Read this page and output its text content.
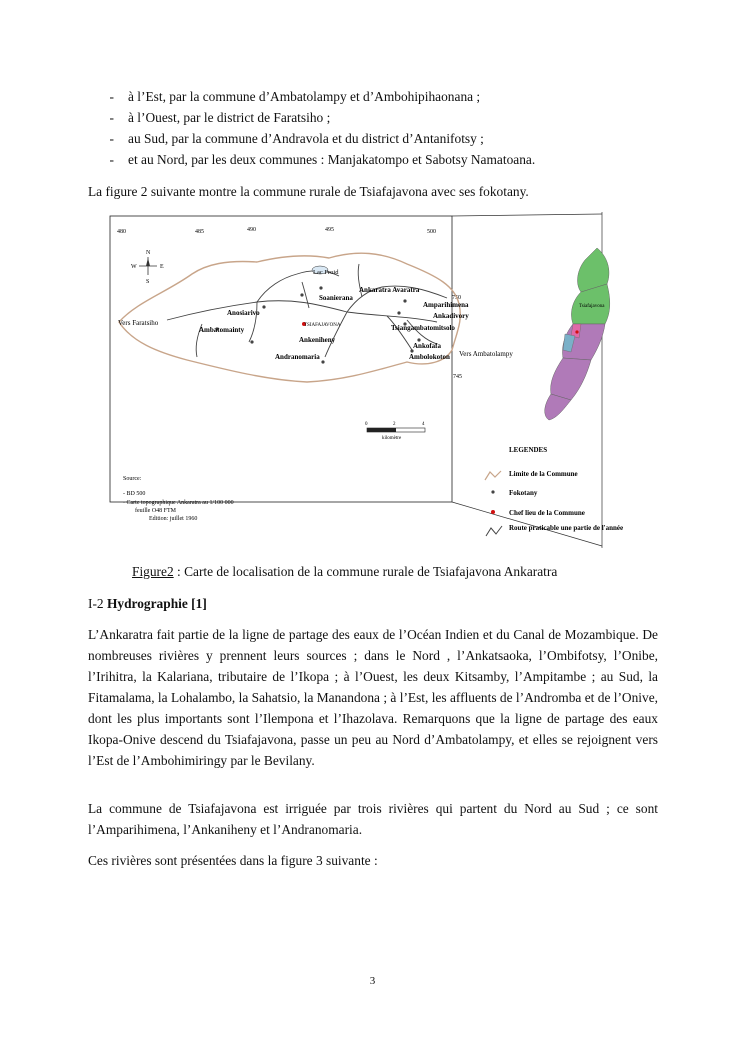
- à l’Est, par la commune d’Ambatolampy et d’Ambohipihaonana ;
- à l’Ouest, par le district de Faratsiho ;
- au Sud, par la commune d’Andravola et du district d’Antanifotsy ;
- et au Nord, par les deux communes : Manjakatompo et Sabotsy Namatoana.

La figure 2 suivante montre la commune rurale de Tsiafajavona avec ses fokotany.

480	485	490	495	500
750
745
N
S
E
W
Lac Froid
Ankaratra Avaratra
Soanierana
Amparihimena
Ankadivory
Anosiarivo
Vers Faratsiho	TSIAFAJAVONA	Tsiangambatomitsolo
Ambatomainty
Ankeniheny
Ankofafa
Ambolokoton Vers Ambatolampy
Andranomaria
0	2	4
kilomètre
Source:
- BD 500
- Carte topographique Ankaratra au 1/100 000
feuille O48 FTM
Edition: juillet 1960
LEGENDES
Limite de la Commune
Fokotany
Chef lieu de la Commune
Route praticable une partie de l'année
Tsiafajavona
Figure2 : Carte de localisation de la commune rurale de Tsiafajavona Ankaratra
I-2 Hydrographie [1]

L’Ankaratra fait partie de la ligne de partage des eaux de l’Océan Indien et du Canal de Mozambique. De nombreuses rivières y prennent leurs sources ; dans le Nord , l’Ankatsaoka, l’Ombifotsy, l’Onibe, l’Irihitra, la Kalariana, tributaire de l’Ikopa ; à l’Ouest, les deux Kitsamby, l’Ampitambe ; au Sud, la Fitamalama, la Lohalambo, la Sahatsio, la Manandona ; à l’Est, les affluents de l’Andromba et de l’Onive, dont les plus importants sont l’Ilempona et l’Ihazolava. Remarquons que la ligne de partage des eaux Ikopa-Onive descend du Tsiafajavona, passe un peu au Nord d’Ambatolampy, et elles se rejoignent vers l’Est de l’Ambohimiringy par le Bevilany.

La commune de Tsiafajavona est irriguée par trois rivières qui partent du Nord au Sud ; ce sont l’Amparihimena, l’Ankaniheny et l’Andranomaria.

Ces rivières sont présentées dans la figure 3 suivante :

3
